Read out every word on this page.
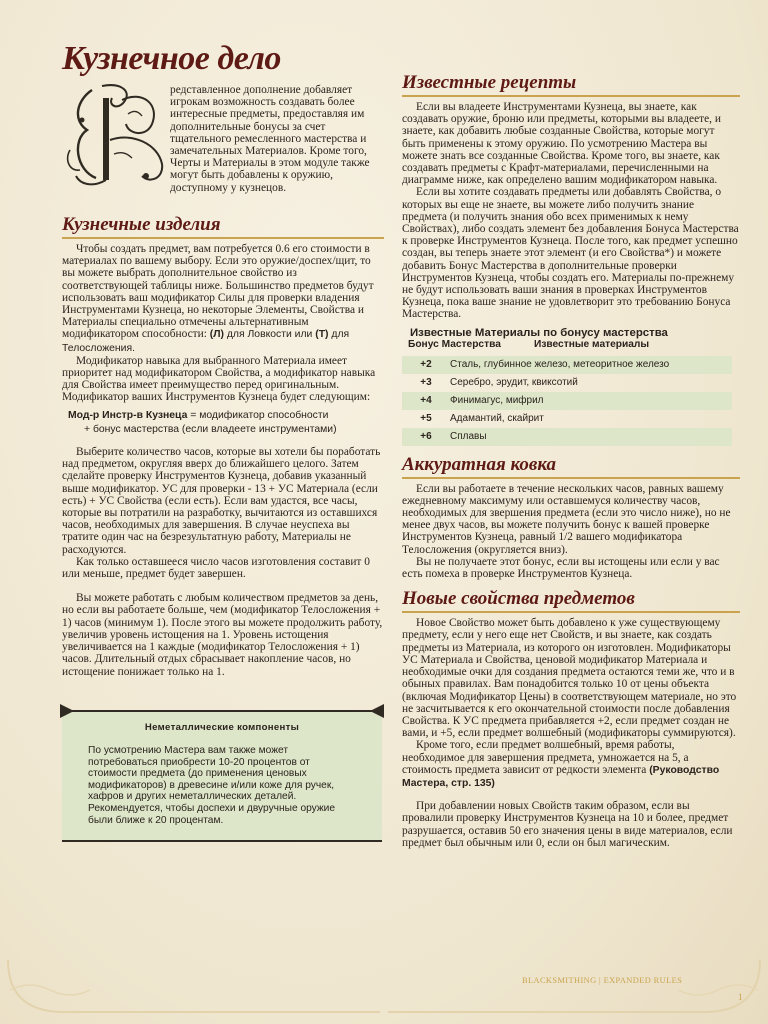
Кузнечное дело

редставленное дополнение добавляет игрокам возможность создавать более интересные предметы, предоставляя им дополнительные бонусы за счет тщательного ремесленного мастерства и замечательных Материалов. Кроме того, Черты и Материалы в этом модуле также могут быть добавлены к оружию, доступному у кузнецов.

Кузнечные изделия

Чтобы создать предмет, вам потребуется 0.6 его стоимости в материалах по вашему выбору. Если это оружие/доспех/щит, то вы можете выбрать дополнительное свойство из соответствующей таблицы ниже. Большинство предметов будут использовать ваш модификатор Силы для проверки владения Инструментами Кузнеца, но некоторые Элементы, Свойства и Материалы специально отмечены альтернативным модификатором способности: (Л) для Ловкости или (Т) для Телосложения.

Модификатор навыка для выбранного Материала имеет приоритет над модификатором Свойства, а модификатор навыка для Свойства имеет преимущество перед оригинальным. Модификатор ваших Инструментов Кузнеца будет следующим:

Мод-р Инстр-в Кузнеца = модификатор способности

+ бонус мастерства (если владеете инструментами)

Выберите количество часов, которые вы хотели бы поработать над предметом, округляя вверх до ближайшего целого. Затем сделайте проверку Инструментов Кузнеца, добавив указанный выше модификатор. УС для проверки - 13 + УС Материала (если есть) + УС Свойства (если есть). Если вам удастся, все часы, которые вы потратили на разработку, вычитаются из оставшихся часов, необходимых для завершения. В случае неуспеха вы тратите один час на безрезультатную работу, Материалы не расходуются.

Как только оставшееся число часов изготовления составит 0 или меньше, предмет будет завершен.

Вы можете работать с любым количеством предметов за день, но если вы работаете больше, чем (модификатор Телосложения + 1) часов (минимум 1). После этого вы можете продолжить работу, увеличив уровень истощения на 1. Уровень истощения увеличивается на 1 каждые (модификатор Телосложения + 1) часов. Длительный отдых сбрасывает накопление часов, но истощение понижает только на 1.

Неметаллические компоненты

По усмотрению Мастера вам также может потребоваться приобрести 10-20 процентов от стоимости предмета (до применения ценовых модификаторов) в древесине и/или коже для ручек, хафров и других неметаллических деталей. Рекомендуется, чтобы доспехи и двуручные оружие были ближе к 20 процентам.

Известные рецепты

Если вы владеете Инструментами Кузнеца, вы знаете, как создавать оружие, броню или предметы, которыми вы владеете, и знаете, как добавить любые созданные Свойства, которые могут быть применены к этому оружию. По усмотрению Мастера вы можете знать все созданные Свойства. Кроме того, вы знаете, как создавать предметы с Крафт-материалами, перечисленными на диаграмме ниже, как определено вашим модификатором навыка.

Если вы хотите создавать предметы или добавлять Свойства, о которых вы еще не знаете, вы можете либо получить знание предмета (и получить знания обо всех применимых к нему Свойствах), либо создать элемент без добавления Бонуса Мастерства к проверке Инструментов Кузнеца. После того, как предмет успешно создан, вы теперь знаете этот элемент (и его Свойства*) и можете добавить Бонус Мастерства в дополнительные проверки Инструментов Кузнеца, чтобы создать его. Материалы по-прежнему не будут использовать ваши знания в проверках Инструментов Кузнеца, пока ваше знание не удовлетворит это требованию Бонуса Мастерства.

Известные Материалы по бонусу мастерства
Бонус Мастерства	Известные материалы
+2	Сталь, глубинное железо, метеоритное железо
+3	Серебро, эрудит, квиксотий
+4	Финимагус, мифрил
+5	Адамантий, скайрит
+6	Сплавы
Аккуратная ковка

Если вы работаете в течение нескольких часов, равных вашему ежедневному максимуму или оставшемуся количеству часов, необходимых для звершения предмета (если это число ниже), но не менее двух часов, вы можете получить бонус к вашей проверке Инструментов Кузнеца, равный 1/2 вашего модификатора Телосложения (округляется вниз).

Вы не получаете этот бонус, если вы истощены или если у вас есть помеха в проверке Инструментов Кузнеца.

Новые свойства предметов

Новое Свойство может быть добавлено к уже существующему предмету, если у него еще нет Свойств, и вы знаете, как создать предметы из Материала, из которого он изготовлен. Модификаторы УС Материала и Свойства, ценовой модификатор Материала и необходимые очки для создания предмета остаются теми же, что и в обыных правилах. Вам понадобится только 10 от цены объекта (включая Модификатор Цены) в соответствующем материале, но это не засчитывается к его окончательной стоимости после добавления Свойства. К УС предмета прибавляется +2, если предмет создан не вами, и +5, если предмет волшебный (модификаторы суммируются).

Кроме того, если предмет волшебный, время работы, необходимое для завершения предмета, умножается на 5, а стоимость предмета зависит от редкости элемента (Руководство Мастера, стр. 135)

При добавлении новых Свойств таким образом, если вы провалили проверку Инструментов Кузнеца на 10 и более, предмет разрушается, оставив 50 его значения цены в виде материалов, если предмет был обычным или 0, если он был магическим.

BLACKSMITHING | EXPANDED RULES
1
